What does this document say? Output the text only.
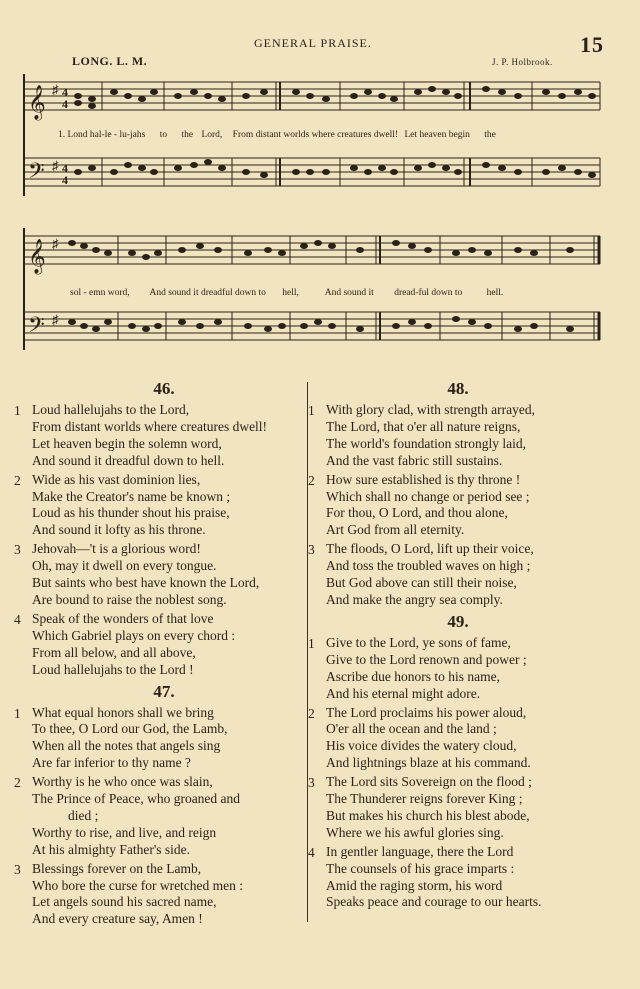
GENERAL PRAISE.	15
LONG. L. M.	J. P. Holbrook.
𝄞
𝄢
♯
♯
4
4
4
4
1. Lond hal-le - lu-jahs to the Lord, From distant worlds where creatures dwell! Let heaven begin the
𝄞
𝄢
♯
♯
sol - emn word, And sound it dreadful down to hell,	And sound it dread-ful down to	hell.
46.
1 Loud hallelujahs to the Lord,
From distant worlds where creatures dwell!
Let heaven begin the solemn word,
And sound it dreadful down to hell.
2 Wide as his vast dominion lies,
Make the Creator's name be known ;
Loud as his thunder shout his praise,
And sound it lofty as his throne.
3 Jehovah—'t is a glorious word!
Oh, may it dwell on every tongue.
But saints who best have known the Lord,
Are bound to raise the noblest song.
4 Speak of the wonders of that love
Which Gabriel plays on every chord :
From all below, and all above,
Loud hallelujahs to the Lord !
47.
1 What equal honors shall we bring
To thee, O Lord our God, the Lamb,
When all the notes that angels sing
Are far inferior to thy name ?
2 Worthy is he who once was slain,
The Prince of Peace, who groaned and
died ;
Worthy to rise, and live, and reign
At his almighty Father's side.
3 Blessings forever on the Lamb,
Who bore the curse for wretched men :
Let angels sound his sacred name,
And every creature say, Amen !
48.
1 With glory clad, with strength arrayed,
The Lord, that o'er all nature reigns,
The world's foundation strongly laid,
And the vast fabric still sustains.
2 How sure established is thy throne !
Which shall no change or period see ;
For thou, O Lord, and thou alone,
Art God from all eternity.
3 The floods, O Lord, lift up their voice,
And toss the troubled waves on high ;
But God above can still their noise,
And make the angry sea comply.
49.
1 Give to the Lord, ye sons of fame,
Give to the Lord renown and power ;
Ascribe due honors to his name,
And his eternal might adore.
2 The Lord proclaims his power aloud,
O'er all the ocean and the land ;
His voice divides the watery cloud,
And lightnings blaze at his command.
3 The Lord sits Sovereign on the flood ;
The Thunderer reigns forever King ;
But makes his church his blest abode,
Where we his awful glories sing.
4 In gentler language, there the Lord
The counsels of his grace imparts :
Amid the raging storm, his word
Speaks peace and courage to our hearts.
